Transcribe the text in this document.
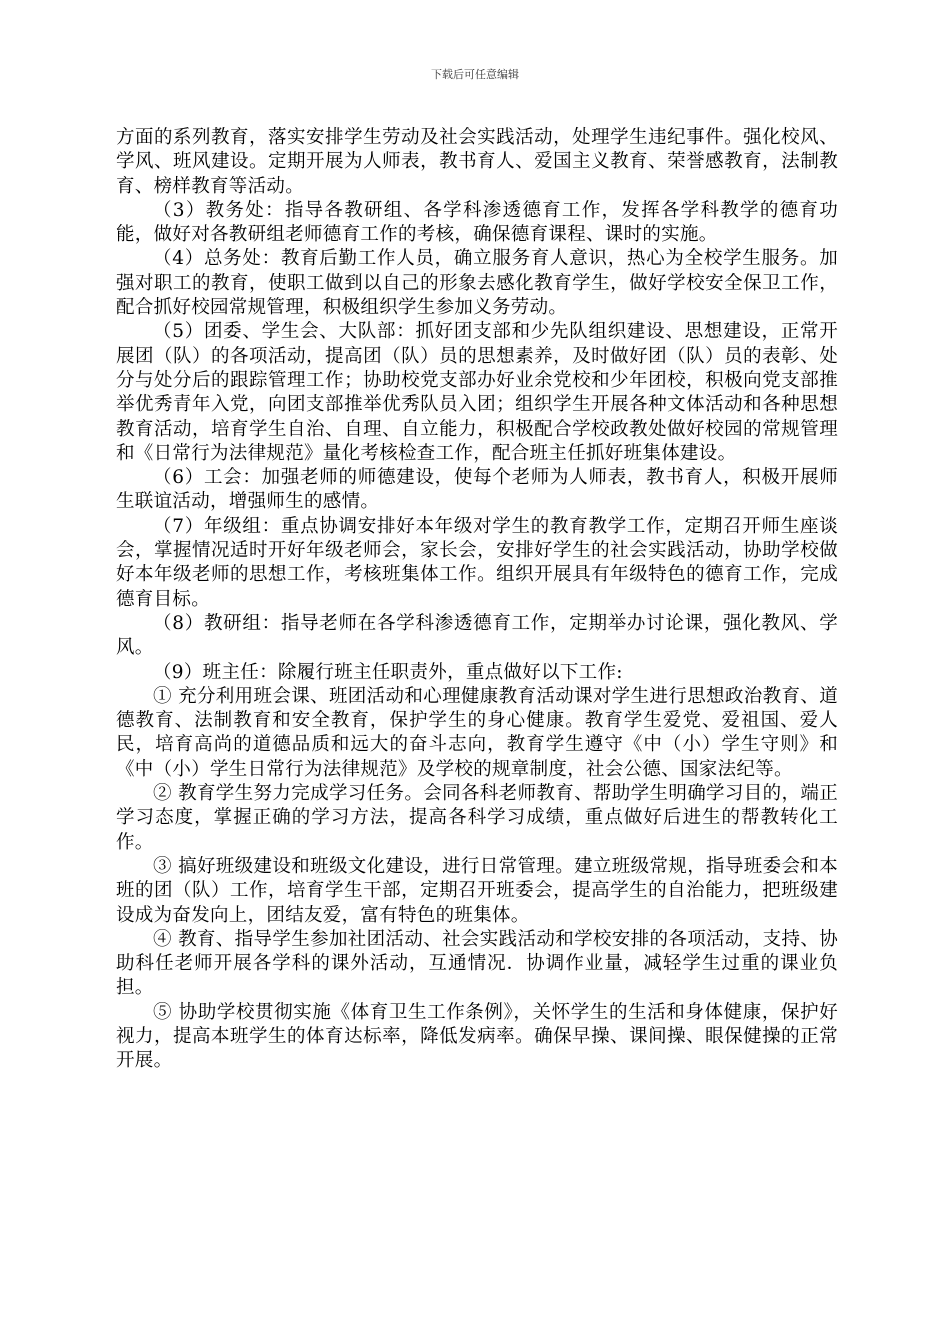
下载后可任意编辑

方面的系列教育，落实安排学生劳动及社会实践活动，处理学生违纪事件。强化校风、学风、班风建设。定期开展为人师表，教书育人、爱国主义教育、荣誉感教育，法制教育、榜样教育等活动。

（3）教务处：指导各教研组、各学科渗透德育工作，发挥各学科教学的德育功能，做好对各教研组老师德育工作的考核，确保德育课程、课时的实施。

（4）总务处：教育后勤工作人员，确立服务育人意识，热心为全校学生服务。加强对职工的教育，使职工做到以自己的形象去感化教育学生，做好学校安全保卫工作，配合抓好校园常规管理，积极组织学生参加义务劳动。

（5）团委、学生会、大队部：抓好团支部和少先队组织建设、思想建设，正常开展团（队）的各项活动，提高团（队）员的思想素养，及时做好团（队）员的表彰、处分与处分后的跟踪管理工作；协助校党支部办好业余党校和少年团校，积极向党支部推举优秀青年入党，向团支部推举优秀队员入团；组织学生开展各种文体活动和各种思想教育活动，培育学生自治、自理、自立能力，积极配合学校政教处做好校园的常规管理和《日常行为法律规范》量化考核检查工作，配合班主任抓好班集体建设。

（6）工会：加强老师的师德建设，使每个老师为人师表，教书育人，积极开展师生联谊活动，增强师生的感情。

（7）年级组：重点协调安排好本年级对学生的教育教学工作，定期召开师生座谈会，掌握情况适时开好年级老师会，家长会，安排好学生的社会实践活动，协助学校做好本年级老师的思想工作，考核班集体工作。组织开展具有年级特色的德育工作，完成德育目标。

（8）教研组：指导老师在各学科渗透德育工作，定期举办讨论课，强化教风、学风。

（9）班主任：除履行班主任职责外，重点做好以下工作:

① 充分利用班会课、班团活动和心理健康教育活动课对学生进行思想政治教育、道德教育、法制教育和安全教育，保护学生的身心健康。教育学生爱党、爱祖国、爱人民，培育高尚的道德品质和远大的奋斗志向，教育学生遵守《中（小）学生守则》和《中（小）学生日常行为法律规范》及学校的规章制度，社会公德、国家法纪等。

② 教育学生努力完成学习任务。会同各科老师教育、帮助学生明确学习目的，端正学习态度，掌握正确的学习方法，提高各科学习成绩，重点做好后进生的帮教转化工作。

③ 搞好班级建设和班级文化建设，进行日常管理。建立班级常规，指导班委会和本班的团（队）工作，培育学生干部，定期召开班委会，提高学生的自治能力，把班级建设成为奋发向上，团结友爱，富有特色的班集体。

④ 教育、指导学生参加社团活动、社会实践活动和学校安排的各项活动，支持、协助科任老师开展各学科的课外活动，互通情况．协调作业量，减轻学生过重的课业负担。

⑤ 协助学校贯彻实施《体育卫生工作条例》，关怀学生的生活和身体健康，保护好视力，提高本班学生的体育达标率，降低发病率。确保早操、课间操、眼保健操的正常开展。
